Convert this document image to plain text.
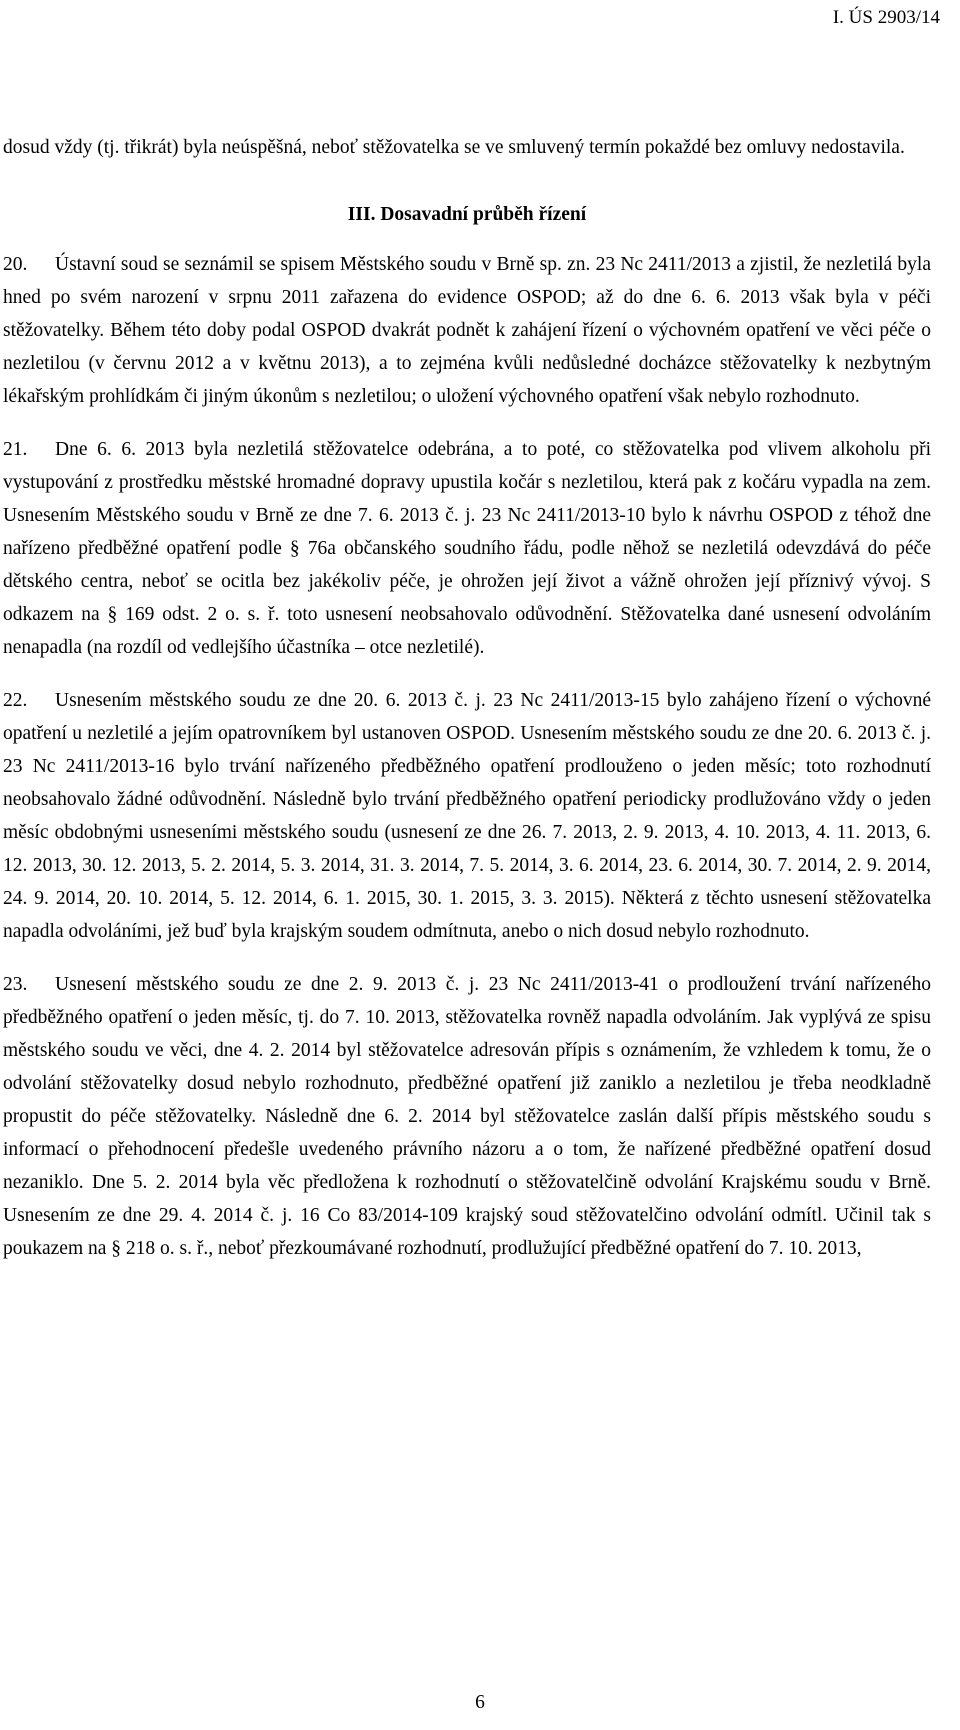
I. ÚS 2903/14

dosud vždy (tj. třikrát) byla neúspěšná, neboť stěžovatelka se ve smluvený termín pokaždé bez omluvy nedostavila.

III. Dosavadní průběh řízení

20. Ústavní soud se seznámil se spisem Městského soudu v Brně sp. zn. 23 Nc 2411/2013 a zjistil, že nezletilá byla hned po svém narození v srpnu 2011 zařazena do evidence OSPOD; až do dne 6. 6. 2013 však byla v péči stěžovatelky. Během této doby podal OSPOD dvakrát podnět k zahájení řízení o výchovném opatření ve věci péče o nezletilou (v červnu 2012 a v květnu 2013), a to zejména kvůli nedůsledné docházce stěžovatelky k nezbytným lékařským prohlídkám či jiným úkonům s nezletilou; o uložení výchovného opatření však nebylo rozhodnuto.

21. Dne 6. 6. 2013 byla nezletilá stěžovatelce odebrána, a to poté, co stěžovatelka pod vlivem alkoholu při vystupování z prostředku městské hromadné dopravy upustila kočár s nezletilou, která pak z kočáru vypadla na zem. Usnesením Městského soudu v Brně ze dne 7. 6. 2013 č. j. 23 Nc 2411/2013-10 bylo k návrhu OSPOD z téhož dne nařízeno předběžné opatření podle § 76a občanského soudního řádu, podle něhož se nezletilá odevzdává do péče dětského centra, neboť se ocitla bez jakékoliv péče, je ohrožen její život a vážně ohrožen její příznivý vývoj. S odkazem na § 169 odst. 2 o. s. ř. toto usnesení neobsahovalo odůvodnění. Stěžovatelka dané usnesení odvoláním nenapadla (na rozdíl od vedlejšího účastníka – otce nezletilé).

22. Usnesením městského soudu ze dne 20. 6. 2013 č. j. 23 Nc 2411/2013-15 bylo zahájeno řízení o výchovné opatření u nezletilé a jejím opatrovníkem byl ustanoven OSPOD. Usnesením městského soudu ze dne 20. 6. 2013 č. j. 23 Nc 2411/2013-16 bylo trvání nařízeného předběžného opatření prodlouženo o jeden měsíc; toto rozhodnutí neobsahovalo žádné odůvodnění. Následně bylo trvání předběžného opatření periodicky prodlužováno vždy o jeden měsíc obdobnými usneseními městského soudu (usnesení ze dne 26. 7. 2013, 2. 9. 2013, 4. 10. 2013, 4. 11. 2013, 6. 12. 2013, 30. 12. 2013, 5. 2. 2014, 5. 3. 2014, 31. 3. 2014, 7. 5. 2014, 3. 6. 2014, 23. 6. 2014, 30. 7. 2014, 2. 9. 2014, 24. 9. 2014, 20. 10. 2014, 5. 12. 2014, 6. 1. 2015, 30. 1. 2015, 3. 3. 2015). Některá z těchto usnesení stěžovatelka napadla odvoláními, jež buď byla krajským soudem odmítnuta, anebo o nich dosud nebylo rozhodnuto.

23. Usnesení městského soudu ze dne 2. 9. 2013 č. j. 23 Nc 2411/2013-41 o prodloužení trvání nařízeného předběžného opatření o jeden měsíc, tj. do 7. 10. 2013, stěžovatelka rovněž napadla odvoláním. Jak vyplývá ze spisu městského soudu ve věci, dne 4. 2. 2014 byl stěžovatelce adresován přípis s oznámením, že vzhledem k tomu, že o odvolání stěžovatelky dosud nebylo rozhodnuto, předběžné opatření již zaniklo a nezletilou je třeba neodkladně propustit do péče stěžovatelky. Následně dne 6. 2. 2014 byl stěžovatelce zaslán další přípis městského soudu s informací o přehodnocení předešle uvedeného právního názoru a o tom, že nařízené předběžné opatření dosud nezaniklo. Dne 5. 2. 2014 byla věc předložena k rozhodnutí o stěžovatelčině odvolání Krajskému soudu v Brně. Usnesením ze dne 29. 4. 2014 č. j. 16 Co 83/2014-109 krajský soud stěžovatelčino odvolání odmítl. Učinil tak s poukazem na § 218 o. s. ř., neboť přezkoumávané rozhodnutí, prodlužující předběžné opatření do 7. 10. 2013,

6
